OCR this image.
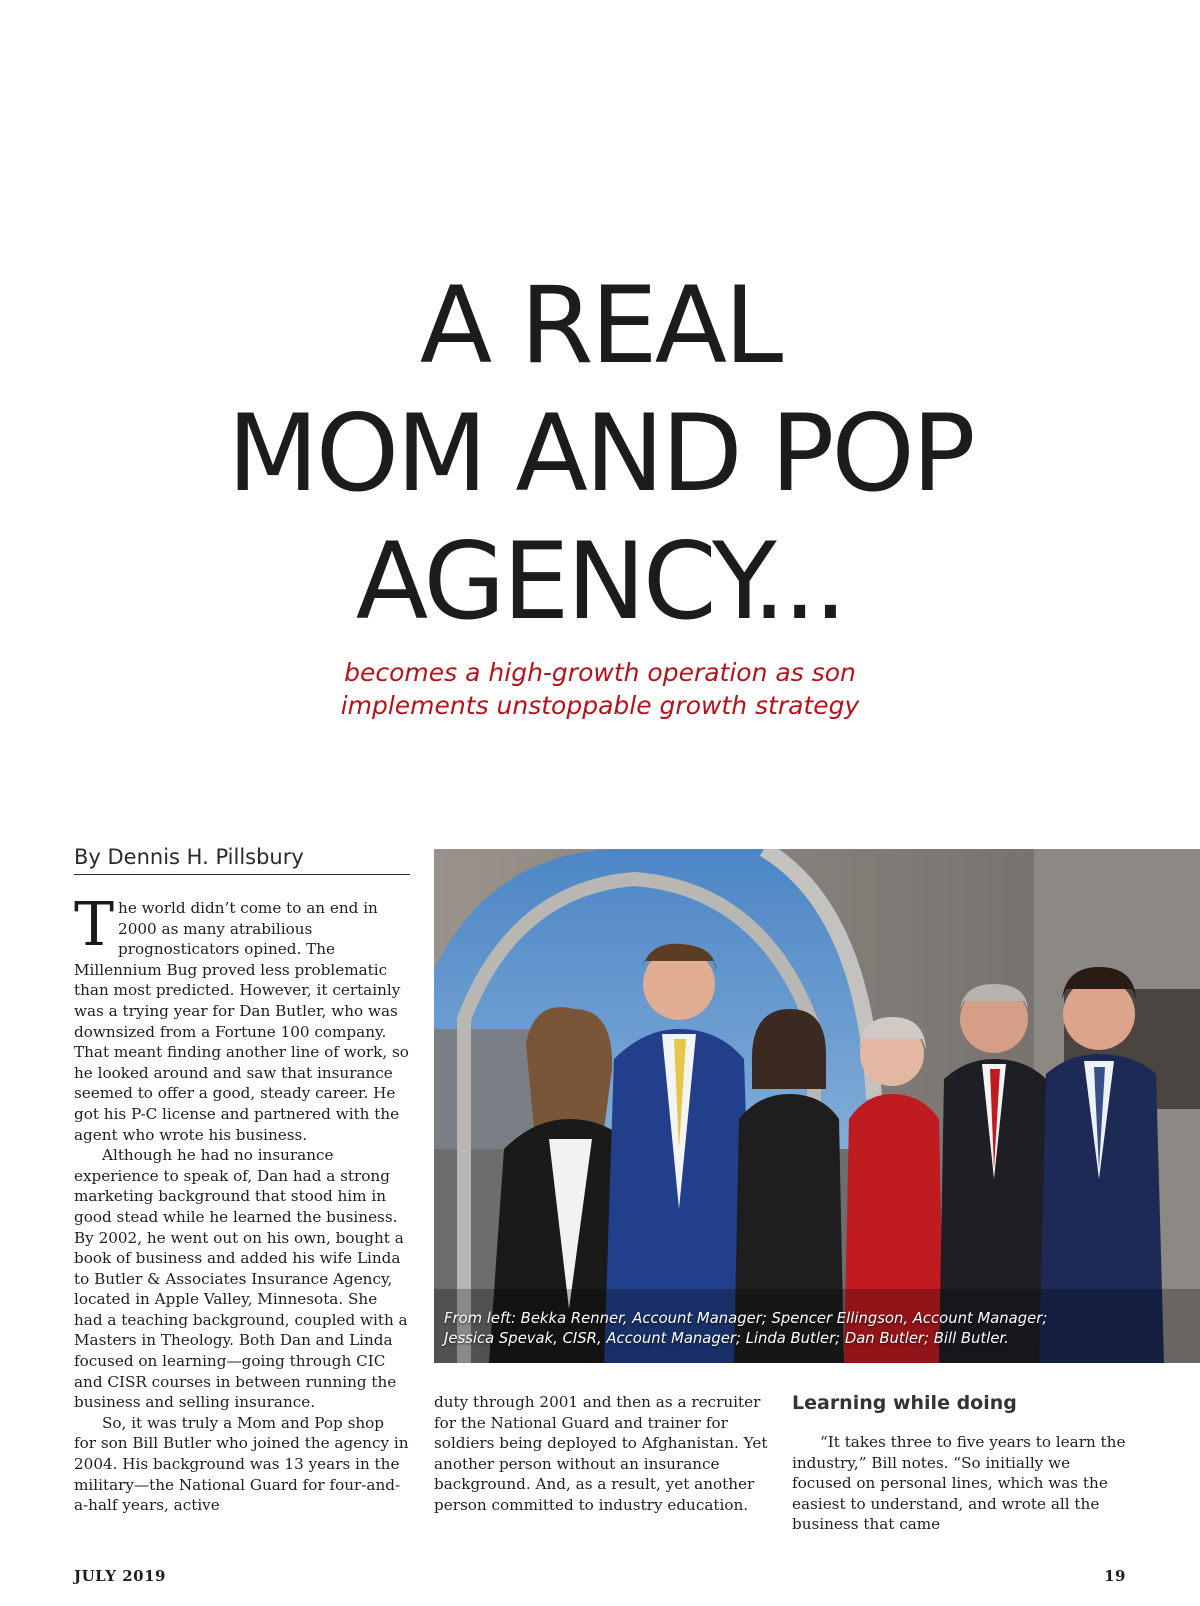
A REAL
MOM AND POP
AGENCY...
becomes a high-growth operation as son
implements unstoppable growth strategy
By Dennis H. Pillsbury
T he world didn’t come to an end in 2000 as many atrabilious prognosticators opined. The Millennium Bug proved less problematic than most predicted. However, it certainly was a trying year for Dan Butler, who was downsized from a Fortune 100 company. That meant finding another line of work, so he looked around and saw that insurance seemed to offer a good, steady career. He got his P-C license and partnered with the agent who wrote his business.

Although he had no insurance experience to speak of, Dan had a strong marketing background that stood him in good stead while he learned the business. By 2002, he went out on his own, bought a book of business and added his wife Linda to Butler & Associates Insurance Agency, located in Apple Valley, Minnesota. She had a teaching background, coupled with a Masters in Theology. Both Dan and Linda focused on learning—going through CIC and CISR courses in between running the business and selling insurance.

So, it was truly a Mom and Pop shop for son Bill Butler who joined the agency in 2004. His background was 13 years in the military—the National Guard for four-and-a-half years, active

From left: Bekka Renner, Account Manager; Spencer Ellingson, Account Manager;
Jessica Spevak, CISR, Account Manager; Linda Butler; Dan Butler; Bill Butler.

duty through 2001 and then as a recruiter for the National Guard and trainer for soldiers being deployed to Afghanistan. Yet another person without an insurance background. And, as a result, yet another person committed to industry education.

Learning while doing

“It takes three to five years to learn the industry,” Bill notes. “So initially we focused on personal lines, which was the easiest to understand, and wrote all the business that came

JULY 2019	19
